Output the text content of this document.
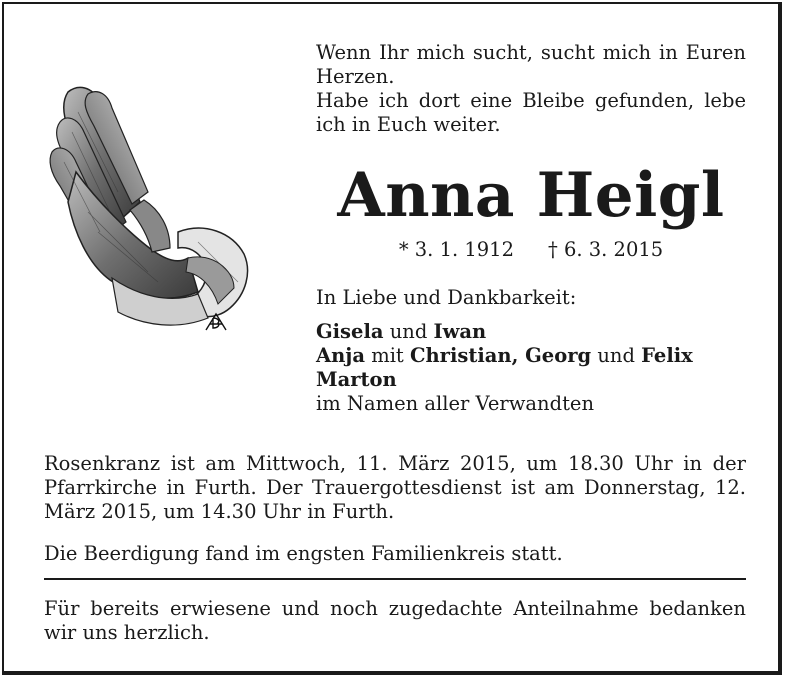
Wenn Ihr mich sucht, sucht mich in Euren Herzen.

Habe ich dort eine Bleibe gefunden, lebe ich in Euch weiter.

Anna Heigl
* 3. 1. 1912 † 6. 3. 2015
In Liebe und Dankbarkeit:
Gisela und Iwan
Anja mit Christian, Georg und Felix Marton
im Namen aller Verwandten

Rosenkranz ist am Mittwoch, 11. März 2015, um 18.30 Uhr in der Pfarrkirche in Furth. Der Trauergottesdienst ist am Donnerstag, 12. März 2015, um 14.30 Uhr in Furth.

Die Beerdigung fand im engsten Familienkreis statt.

Für bereits erwiesene und noch zugedachte Anteilnahme bedanken wir uns herzlich.
